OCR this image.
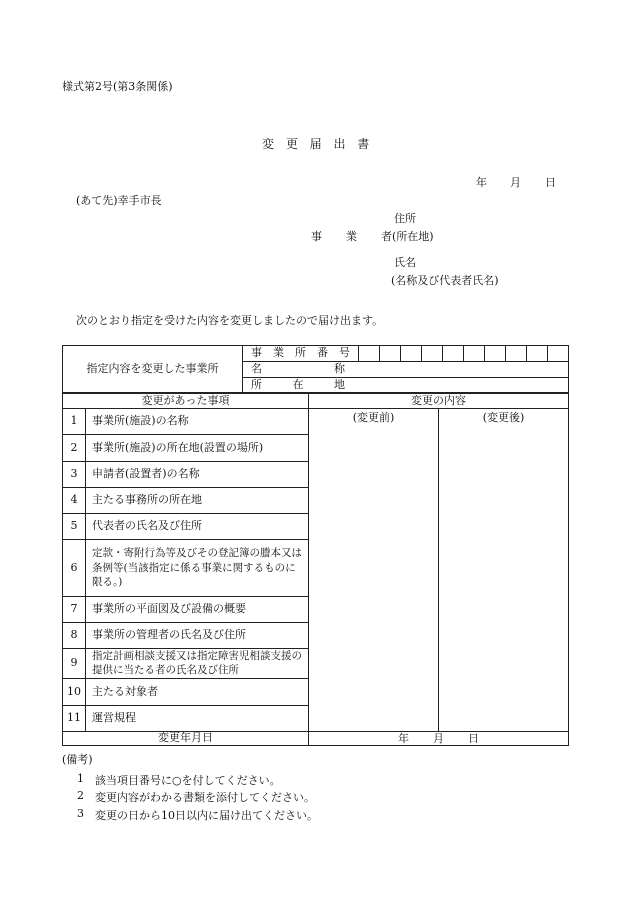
様式第2号(第3条関係)
変 更 届 出 書
年 月 日
(あて先)幸手市長
住所
事 業 者(所在地)
氏名
(名称及び代表者氏名)
次のとおり指定を受けた内容を変更しましたので届け出ます。
指定内容を変更した事業所	
事 業 所 番 号

名	称

所	在	地
変更があった事項		変更の内容	
1	事業所(施設)の名称	(変更前)	(変更後)
2	事業所(施設)の所在地(設置の場所)		
3	申請者(設置者)の名称		
4	主たる事務所の所在地		
5	代表者の氏名及び住所		
6	定款・寄附行為等及びその登記簿の謄本又は条例等(当該指定に係る事業に関するものに限る。)		
7	事業所の平面図及び設備の概要		
8	事業所の管理者の氏名及び住所		
9	指定計画相談支援又は指定障害児相談支援の提供に当たる者の氏名及び住所		
10	主たる対象者		
11	運営規程		
変更年月日		年 月 日	
(備考)
1 該当項目番号に○を付してください。
2 変更内容がわかる書類を添付してください。
3 変更の日から10日以内に届け出てください。
